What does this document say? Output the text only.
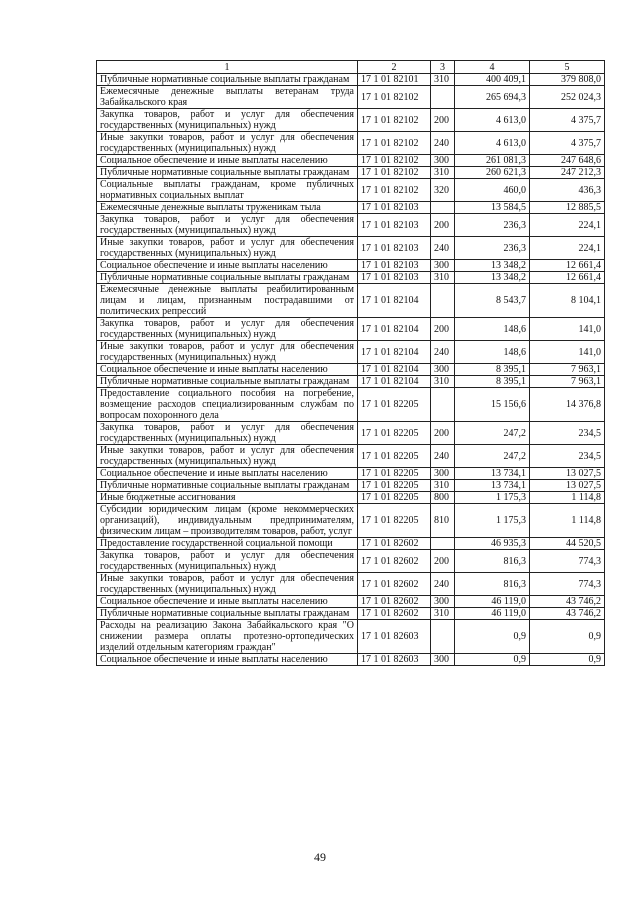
1	2	3	4	5
Публичные нормативные социальные выплаты гражданам	17 1 01 82101	310	400 409,1	379 808,0
Ежемесячные денежные выплаты ветеранам труда Забайкальского края	17 1 01 82102		265 694,3	252 024,3
Закупка товаров, работ и услуг для обеспечения государственных (муниципальных) нужд	17 1 01 82102	200	4 613,0	4 375,7
Иные закупки товаров, работ и услуг для обеспечения государственных (муниципальных) нужд	17 1 01 82102	240	4 613,0	4 375,7
Социальное обеспечение и иные выплаты населению	17 1 01 82102	300	261 081,3	247 648,6
Публичные нормативные социальные выплаты гражданам	17 1 01 82102	310	260 621,3	247 212,3
Социальные выплаты гражданам, кроме публичных нормативных социальных выплат	17 1 01 82102	320	460,0	436,3
Ежемесячные денежные выплаты труженикам тыла	17 1 01 82103		13 584,5	12 885,5
Закупка товаров, работ и услуг для обеспечения государственных (муниципальных) нужд	17 1 01 82103	200	236,3	224,1
Иные закупки товаров, работ и услуг для обеспечения государственных (муниципальных) нужд	17 1 01 82103	240	236,3	224,1
Социальное обеспечение и иные выплаты населению	17 1 01 82103	300	13 348,2	12 661,4
Публичные нормативные социальные выплаты гражданам	17 1 01 82103	310	13 348,2	12 661,4
Ежемесячные денежные выплаты реабилитированным лицам и лицам, признанным пострадавшими от политических репрессий	17 1 01 82104		8 543,7	8 104,1
Закупка товаров, работ и услуг для обеспечения государственных (муниципальных) нужд	17 1 01 82104	200	148,6	141,0
Иные закупки товаров, работ и услуг для обеспечения государственных (муниципальных) нужд	17 1 01 82104	240	148,6	141,0
Социальное обеспечение и иные выплаты населению	17 1 01 82104	300	8 395,1	7 963,1
Публичные нормативные социальные выплаты гражданам	17 1 01 82104	310	8 395,1	7 963,1
Предоставление социального пособия на погребение, возмещение расходов специализированным службам по вопросам похоронного дела	17 1 01 82205		15 156,6	14 376,8
Закупка товаров, работ и услуг для обеспечения государственных (муниципальных) нужд	17 1 01 82205	200	247,2	234,5
Иные закупки товаров, работ и услуг для обеспечения государственных (муниципальных) нужд	17 1 01 82205	240	247,2	234,5
Социальное обеспечение и иные выплаты населению	17 1 01 82205	300	13 734,1	13 027,5
Публичные нормативные социальные выплаты гражданам	17 1 01 82205	310	13 734,1	13 027,5
Иные бюджетные ассигнования	17 1 01 82205	800	1 175,3	1 114,8
Субсидии юридическим лицам (кроме некоммерческих организаций), индивидуальным предпринимателям, физическим лицам – производителям товаров, работ, услуг	17 1 01 82205	810	1 175,3	1 114,8
Предоставление государственной социальной помощи	17 1 01 82602		46 935,3	44 520,5
Закупка товаров, работ и услуг для обеспечения государственных (муниципальных) нужд	17 1 01 82602	200	816,3	774,3
Иные закупки товаров, работ и услуг для обеспечения государственных (муниципальных) нужд	17 1 01 82602	240	816,3	774,3
Социальное обеспечение и иные выплаты населению	17 1 01 82602	300	46 119,0	43 746,2
Публичные нормативные социальные выплаты гражданам	17 1 01 82602	310	46 119,0	43 746,2
Расходы на реализацию Закона Забайкальского края "О снижении размера оплаты протезно-ортопедических изделий отдельным категориям граждан"	17 1 01 82603		0,9	0,9
Социальное обеспечение и иные выплаты населению	17 1 01 82603	300	0,9	0,9
49
